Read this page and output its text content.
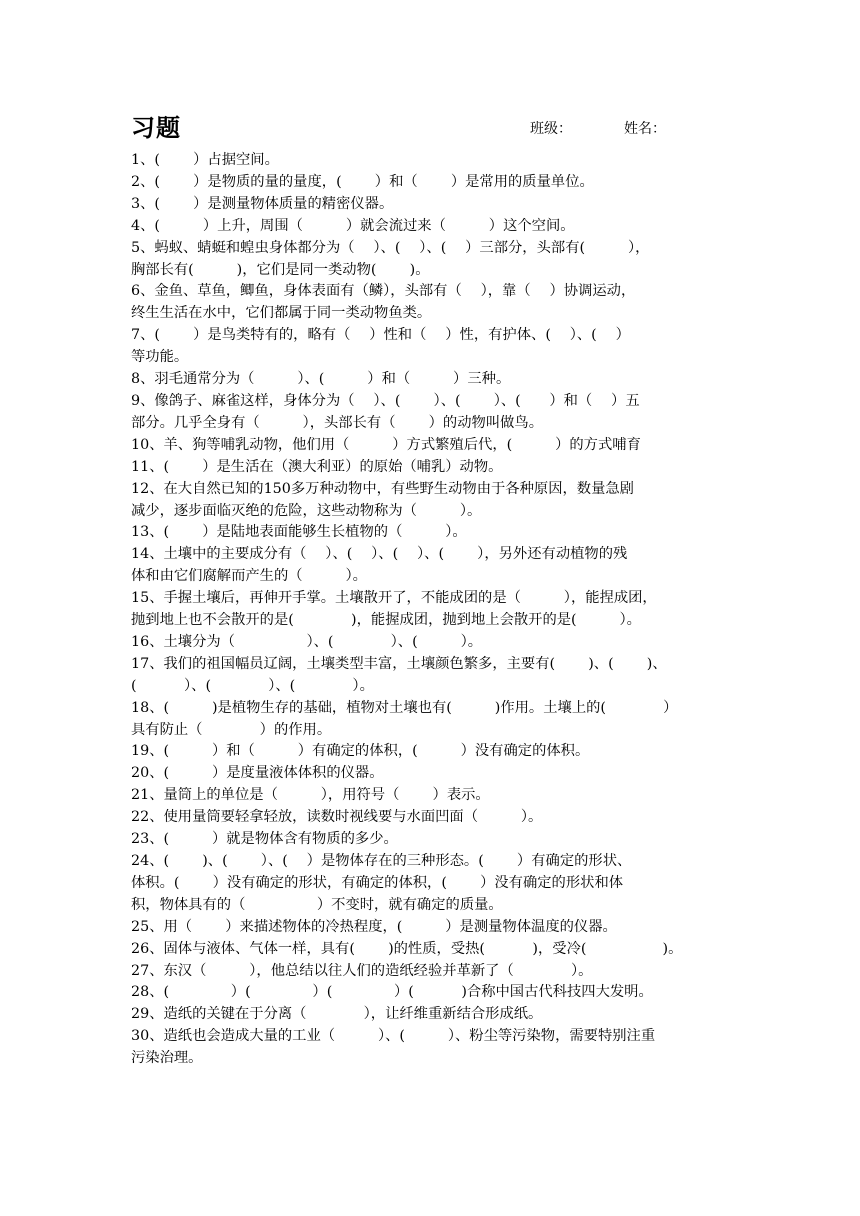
习题	班级：	姓名：
1、(　　 ）占据空间。
2、(　　 ）是物质的量的量度，(　　 ）和（　　 ）是常用的质量单位。
3、(　　 ）是测量物体质量的精密仪器。
4、(　　　）上升，周围（　　　）就会流过来（　　　）这个空间。
5、蚂蚁、蜻蜓和蝗虫身体都分为（　 ）、(　 ）、(　 ）三部分，头部有(　　　），
胸部长有(　　　)，它们是同一类动物(　　 )。
6、金鱼、草鱼，鲫鱼，身体表面有（鳞），头部有（　 ），靠（　 ）协调运动，
终生生活在水中，它们都属于同一类动物鱼类。
7、(　　 ）是鸟类特有的，略有（　 ）性和（　 ）性，有护体、(　 ）、(　 ）
等功能。
8、羽毛通常分为（　　　）、(　　　）和（　　　）三种。
9、像鸽子、麻雀这样，身体分为（　 ）、(　　 ）、(　　 ）、(　　）和（　 ）五
部分。几乎全身有（　　　），头部长有（　　 ）的动物叫做鸟。
10、羊、狗等哺乳动物，他们用（　　　）方式繁殖后代，(　　　）的方式哺育
11、(　　 ）是生活在（澳大利亚）的原始（哺乳）动物。
12、在大自然已知的150多万种动物中，有些野生动物由于各种原因，数量急剧
减少，逐步面临灭绝的危险，这些动物称为（　　　）。
13、(　　 ）是陆地表面能够生长植物的（　　　）。
14、土壤中的主要成分有（　 ）、(　 ）、(　 ）、(　　 ），另外还有动植物的残
体和由它们腐解而产生的（　　　）。
15、手握土壤后，再伸开手掌。土壤散开了，不能成团的是（　　　），能捏成团，
抛到地上也不会散开的是(　　　　)，能握成团，抛到地上会散开的是(　　　）。
16、土壤分为（　　　　　）、(　　　　）、(　　　）。
17、我们的祖国幅员辽阔，土壤类型丰富，土壤颜色繁多，主要有(　　 )、(　　 )、
(　　　 ）、(　　　　）、(　　　　）。
18、(　　　)是植物生存的基础，植物对土壤也有(　　　)作用。土壤上的(　　　　）
具有防止（　　　　）的作用。
19、(　　　）和（　　　）有确定的体积，(　　　）没有确定的体积。
20、(　　　）是度量液体体积的仪器。
21、量筒上的单位是（　　　），用符号（　　 ）表示。
22、使用量筒要轻拿轻放，读数时视线要与水面凹面（　　　）。
23、(　　　）就是物体含有物质的多少。
24、(　　 )、(　　 ）、(　 ）是物体存在的三种形态。(　　 ）有确定的形状、
体积。(　　 ）没有确定的形状，有确定的体积，(　　 ）没有确定的形状和体
积，物体具有的（　　　　　）不变时，就有确定的质量。
25、用（　　 ）来描述物体的冷热程度，(　　　）是测量物体温度的仪器。
26、固体与液体、气体一样，具有(　　 )的性质，受热(　　　 )，受冷(　　　　　 )。
27、东汉（　　　），他总结以往人们的造纸经验并革新了（　　　　）。
28、(　　　　 ）(　　　　 ）(　　　　 ）(　　　 )合称中国古代科技四大发明。
29、造纸的关键在于分离（　　　　），让纤维重新结合形成纸。
30、造纸也会造成大量的工业（　　　）、(　　　）、粉尘等污染物，需要特别注重
污染治理。
